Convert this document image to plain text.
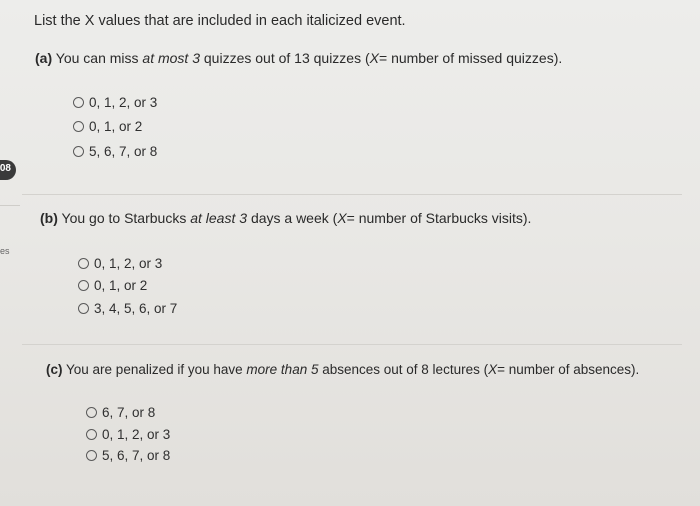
08
es
List the X values that are included in each italicized event.
(a) You can miss at most 3 quizzes out of 13 quizzes (X= number of missed quizzes).
0, 1, 2, or 3
0, 1, or 2
5, 6, 7, or 8
(b) You go to Starbucks at least 3 days a week (X= number of Starbucks visits).
0, 1, 2, or 3
0, 1, or 2
3, 4, 5, 6, or 7
(c) You are penalized if you have more than 5 absences out of 8 lectures (X= number of absences).
6, 7, or 8
0, 1, 2, or 3
5, 6, 7, or 8
